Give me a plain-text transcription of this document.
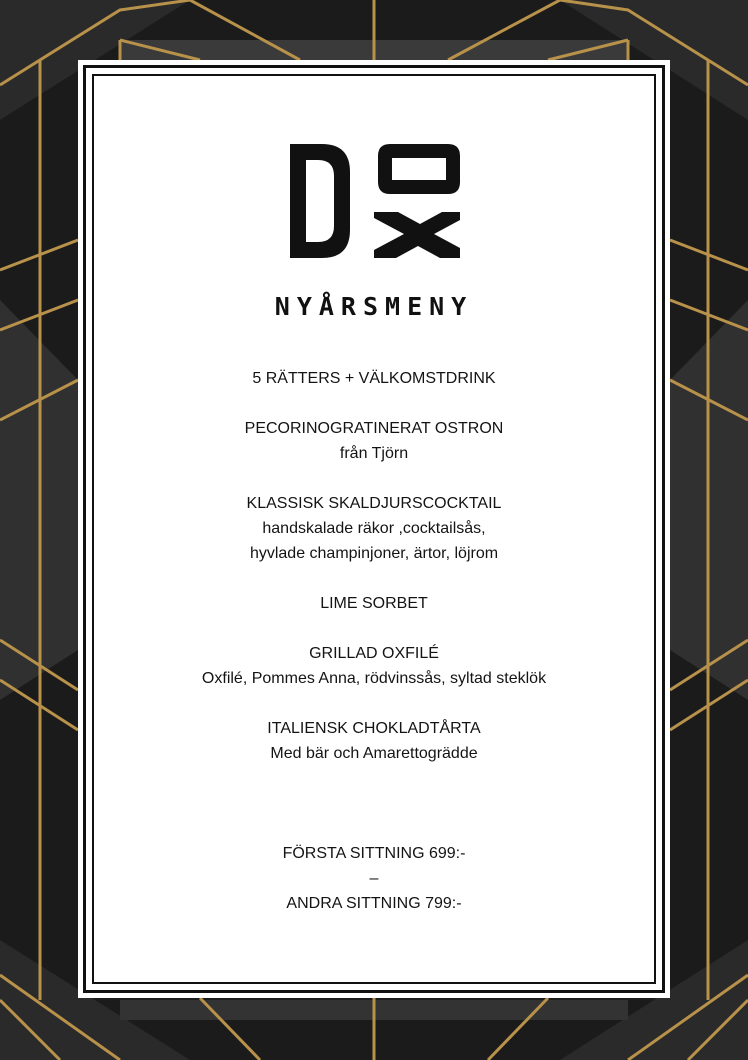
NYÅRSMENY
5 RÄTTERS + VÄLKOMSTDRINK
PECORINOGRATINERAT OSTRON
från Tjörn
KLASSISK SKALDJURSCOCKTAIL
handskalade räkor ,cocktailsås,
hyvlade champinjoner, ärtor, löjrom
LIME SORBET
GRILLAD OXFILÉ
Oxfilé, Pommes Anna, rödvinssås, syltad steklök
ITALIENSK CHOKLADTÅRTA
Med bär och Amarettogrädde
FÖRSTA SITTNING 699:-
–
ANDRA SITTNING 799:-
